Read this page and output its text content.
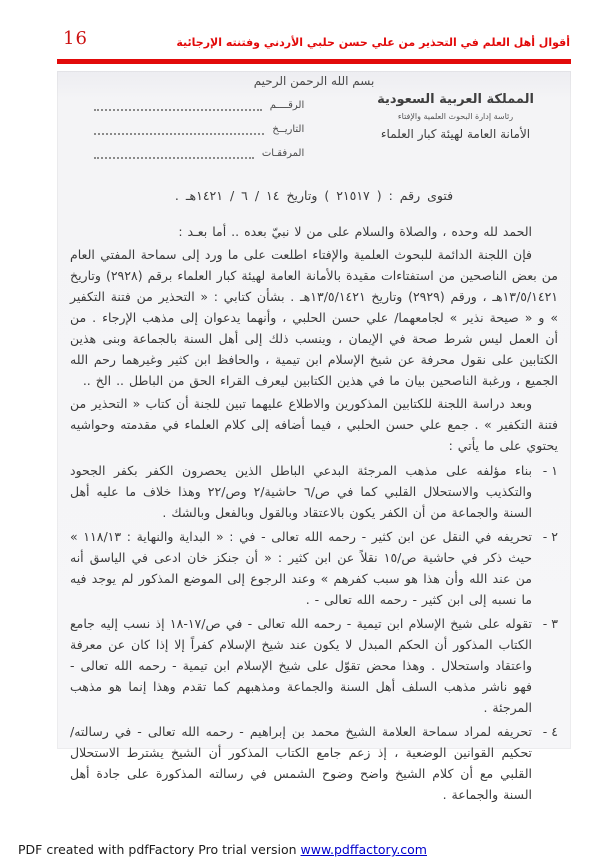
16	أقوال أهل العلم في التحذير من علي حسن حلبي الأردني وفتنته الإرجائية
بسم الله الرحمن الرحيم
المملكة العربية السعودية
رئاسة إدارة البحوث العلمية والإفتاء
الأمانة العامة لهيئة كبار العلماء
الرقــــم
التاريــخ
المرفقـات
فتوى رقم : ( ٢١٥١٧ ) وتاريخ ١٤ / ٦ / ١٤٢١هـ .

الحمد لله وحده ، والصلاة والسلام على من لا نبيّ بعده .. أما بعـد :

فإن اللجنة الدائمة للبحوث العلمية والإفتاء اطلعت على ما ورد إلى سماحة المفتي العام من بعض الناصحين من استفتاءات مقيدة بالأمانة العامة لهيئة كبار العلماء برقم (٢٩٢٨) وتاريخ ١٣/٥/١٤٢١هـ ، ورقم (٢٩٢٩) وتاريخ ١٣/٥/١٤٢١هـ . بشأن كتابي : « التحذير من فتنة التكفير » و « صيحة نذير » لجامعهما/ علي حسن الحلبي ، وأنهما يدعوان إلى مذهب الإرجاء . من أن العمل ليس شرط صحة في الإيمان ، وينسب ذلك إلى أهل السنة بالجماعة وبنى هذين الكتابين على نقول محرفة عن شيخ الإسلام ابن تيمية ، والحافظ ابن كثير وغيرهما رحم الله الجميع ، ورغبة الناصحين بيان ما في هذين الكتابين ليعرف القراء الحق من الباطل .. الخ ..

وبعد دراسة اللجنة للكتابين المذكورين والاطلاع عليهما تبين للجنة أن كتاب « التحذير من فتنة التكفير » . جمع علي حسن الحلبي ، فيما أضافه إلى كلام العلماء في مقدمته وحواشيه يحتوي على ما يأتي :

١ -
بناء مؤلفه على مذهب المرجئة البدعي الباطل الذين يحصرون الكفر بكفر الجحود والتكذيب والاستحلال القلبي كما في ص/٦ حاشية/٢ وص/٢٢ وهذا خلاف ما عليه أهل السنة والجماعة من أن الكفر يكون بالاعتقاد وبالقول وبالفعل وبالشك .
٢ -
تحريفه في النقل عن ابن كثير - رحمه الله تعالى - في : « البداية والنهاية : ١١٨/١٣ » حيث ذكر في حاشية ص/١٥ نقلاً عن ابن كثير : « أن جنكز خان ادعى في الياسق أنه من عند الله وأن هذا هو سبب كفرهم » وعند الرجوع إلى الموضع المذكور لم يوجد فيه ما نسبه إلى ابن كثير - رحمه الله تعالى - .
٣ -
تقوله على شيخ الإسلام ابن تيمية - رحمه الله تعالى - في ص/١٧-١٨ إذ نسب إليه جامع الكتاب المذكور أن الحكم المبدل لا يكون عند شيخ الإسلام كفراً إلا إذا كان عن معرفة واعتقاد واستحلال . وهذا محض تقوّل على شيخ الإسلام ابن تيمية - رحمه الله تعالى - فهو ناشر مذهب السلف أهل السنة والجماعة ومذهبهم كما تقدم وهذا إنما هو مذهب المرجئة .
٤ -
تحريفه لمراد سماحة العلامة الشيخ محمد بن إبراهيم - رحمه الله تعالى - في رسالته/ تحكيم القوانين الوضعية ، إذ زعم جامع الكتاب المذكور أن الشيخ يشترط الاستحلال القلبي مع أن كلام الشيخ واضح وضوح الشمس في رسالته المذكورة على جادة أهل السنة والجماعة .
PDF created with pdfFactory Pro trial version www.pdffactory.com
